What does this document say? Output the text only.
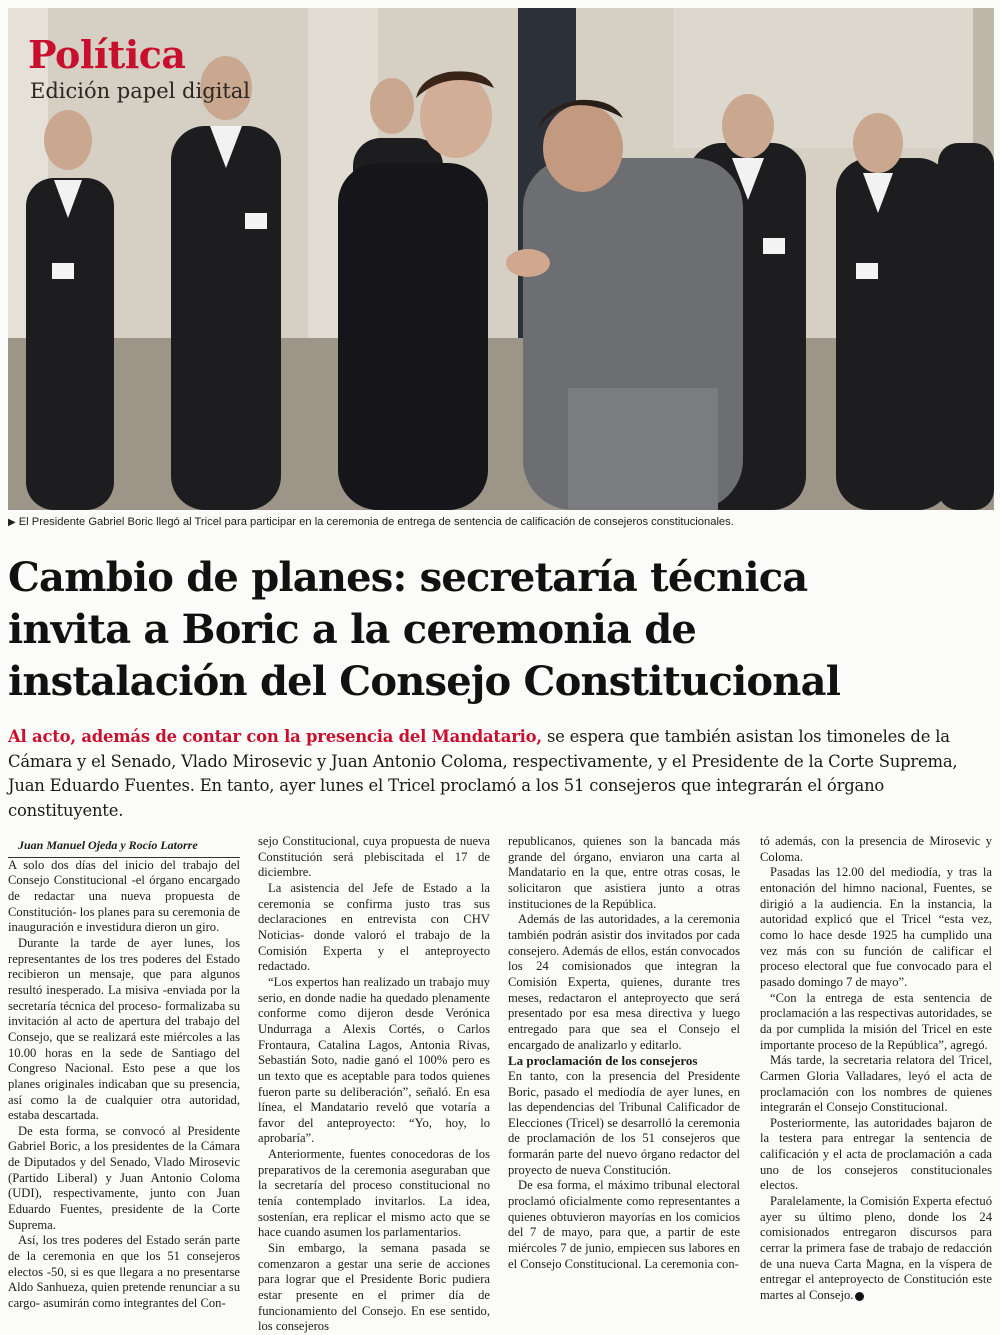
Política
Edición papel digital
▶ El Presidente Gabriel Boric llegó al Tricel para participar en la ceremonia de entrega de sentencia de calificación de consejeros constitucionales.
Cambio de planes: secretaría técnica
invita a Boric a la ceremonia de
instalación del Consejo Constitucional

Al acto, además de contar con la presencia del Mandatario, se espera que también asistan los timoneles de la Cámara y el Senado, Vlado Mirosevic y Juan Antonio Coloma, respectivamente, y el Presidente de la Corte Suprema, Juan Eduardo Fuentes. En tanto, ayer lunes el Tricel proclamó a los 51 consejeros que integrarán el órgano constituyente.

Juan Manuel Ojeda y Rocío Latorre

A solo dos días del inicio del trabajo del Consejo Constitucional -el órgano encargado de redactar una nueva propuesta de Constitución- los planes para su ceremonia de inauguración e investidura dieron un giro.

Durante la tarde de ayer lunes, los representantes de los tres poderes del Estado recibieron un mensaje, que para algunos resultó inesperado. La misiva -enviada por la secretaría técnica del proceso- formalizaba su invitación al acto de apertura del trabajo del Consejo, que se realizará este miércoles a las 10.00 horas en la sede de Santiago del Congreso Nacional. Esto pese a que los planes originales indicaban que su presencia, así como la de cualquier otra autoridad, estaba descartada.

De esta forma, se convocó al Presidente Gabriel Boric, a los presidentes de la Cámara de Diputados y del Senado, Vlado Mirosevic (Partido Liberal) y Juan Antonio Coloma (UDI), respectivamente, junto con Juan Eduardo Fuentes, presidente de la Corte Suprema.

Así, los tres poderes del Estado serán parte de la ceremonia en que los 51 consejeros electos -50, si es que llegara a no presentarse Aldo Sanhueza, quien pretende renunciar a su cargo- asumirán como integrantes del Con-

sejo Constitucional, cuya propuesta de nueva Constitución será plebiscitada el 17 de diciembre.

La asistencia del Jefe de Estado a la ceremonia se confirma justo tras sus declaraciones en entrevista con CHV Noticias- donde valoró el trabajo de la Comisión Experta y el anteproyecto redactado.

“Los expertos han realizado un trabajo muy serio, en donde nadie ha quedado plenamente conforme como dijeron desde Verónica Undurraga a Alexis Cortés, o Carlos Frontaura, Catalina Lagos, Antonia Rivas, Sebastián Soto, nadie ganó el 100% pero es un texto que es aceptable para todos quienes fueron parte su deliberación”, señaló. En esa línea, el Mandatario reveló que votaría a favor del anteproyecto: “Yo, hoy, lo aprobaría”.

Anteriormente, fuentes conocedoras de los preparativos de la ceremonia aseguraban que la secretaría del proceso constitucional no tenía contemplado invitarlos. La idea, sostenían, era replicar el mismo acto que se hace cuando asumen los parlamentarios.

Sin embargo, la semana pasada se comenzaron a gestar una serie de acciones para lograr que el Presidente Boric pudiera estar presente en el primer día de funcionamiento del Consejo. En ese sentido, los consejeros

republicanos, quienes son la bancada más grande del órgano, enviaron una carta al Mandatario en la que, entre otras cosas, le solicitaron que asistiera junto a otras instituciones de la República.

Además de las autoridades, a la ceremonia también podrán asistir dos invitados por cada consejero. Además de ellos, están convocados los 24 comisionados que integran la Comisión Experta, quienes, durante tres meses, redactaron el anteproyecto que será presentado por esa mesa directiva y luego entregado para que sea el Consejo el encargado de analizarlo y editarlo.

La proclamación de los consejeros

En tanto, con la presencia del Presidente Boric, pasado el mediodía de ayer lunes, en las dependencias del Tribunal Calificador de Elecciones (Tricel) se desarrolló la ceremonia de proclamación de los 51 consejeros que formarán parte del nuevo órgano redactor del proyecto de nueva Constitución.

De esa forma, el máximo tribunal electoral proclamó oficialmente como representantes a quienes obtuvieron mayorías en los comicios del 7 de mayo, para que, a partir de este miércoles 7 de junio, empiecen sus labores en el Consejo Constitucional. La ceremonia con-

tó además, con la presencia de Mirosevic y Coloma.

Pasadas las 12.00 del mediodía, y tras la entonación del himno nacional, Fuentes, se dirigió a la audiencia. En la instancia, la autoridad explicó que el Tricel “esta vez, como lo hace desde 1925 ha cumplido una vez más con su función de calificar el proceso electoral que fue convocado para el pasado domingo 7 de mayo”.

“Con la entrega de esta sentencia de proclamación a las respectivas autoridades, se da por cumplida la misión del Tricel en este importante proceso de la República”, agregó.

Más tarde, la secretaria relatora del Tricel, Carmen Gloria Valladares, leyó el acta de proclamación con los nombres de quienes integrarán el Consejo Constitucional.

Posteriormente, las autoridades bajaron de la testera para entregar la sentencia de calificación y el acta de proclamación a cada uno de los consejeros constitucionales electos.

Paralelamente, la Comisión Experta efectuó ayer su último pleno, donde los 24 comisionados entregaron discursos para cerrar la primera fase de trabajo de redacción de una nueva Carta Magna, en la víspera de entregar el anteproyecto de Constitución este martes al Consejo.
